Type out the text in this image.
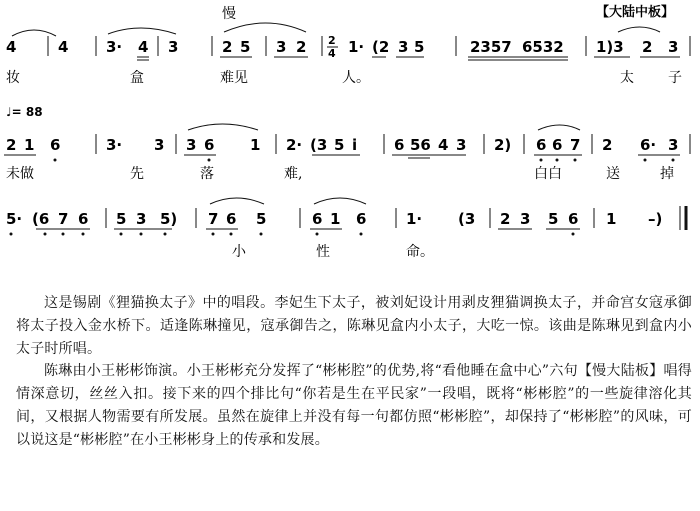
【大陆中板】
慢
4	4	3· 4 3	2 5 3 2 2
4 1· (2 3 5	2357 6532 1)3 2 3
妆	盒	难见	人。	太 子
♩= 88
2 1 6	3· 3 3 6 1 2· (3 5 i 6 56 4 3 2) 6 6 7 2 6· 3
未做	先	落	难,	白白	送	掉
5· (6 7 6 5 3 5) 7 6 5	6 1 6	1· (3 2 3 5 6 1 –)
小	性	命。

这是锡剧《狸猫换太子》中的唱段。李妃生下太子，被刘妃设计用剥皮狸猫调换太子，并命宫女寇承御将太子投入金水桥下。适逢陈琳撞见，寇承御告之，陈琳见盒内小太子，大吃一惊。该曲是陈琳见到盒内小太子时所唱。

陈琳由小王彬彬饰演。小王彬彬充分发挥了“彬彬腔”的优势,将“看他睡在盒中心”六句【慢大陆板】唱得情深意切，丝丝入扣。接下来的四个排比句“你若是生在平民家”一段唱，既将“彬彬腔”的一些旋律溶化其间，又根据人物需要有所发展。虽然在旋律上并没有每一句都仿照“彬彬腔”，却保持了“彬彬腔”的风味，可以说这是“彬彬腔”在小王彬彬身上的传承和发展。
